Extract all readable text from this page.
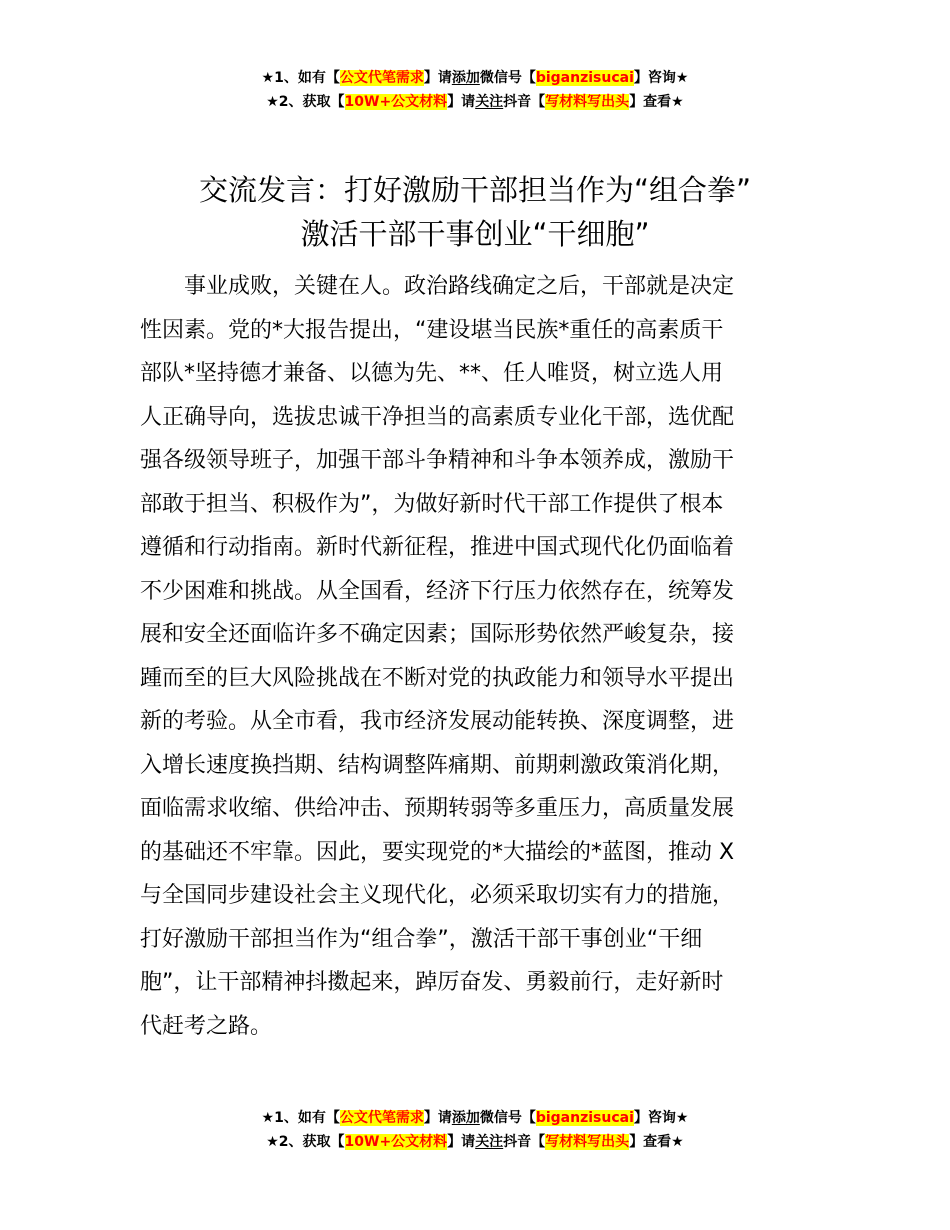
★1、如有【公文代笔需求】请添加微信号【biganzisucai】咨询★
★2、获取【10W+公文材料】请关注抖音【写材料写出头】查看★
交流发言：打好激励干部担当作为“组合拳”
激活干部干事创业“干细胞”
　　事业成败，关键在人。政治路线确定之后，干部就是决定
性因素。党的*大报告提出，“建设堪当民族*重任的高素质干
部队*坚持德才兼备、以德为先、**、任人唯贤，树立选人用
人正确导向，选拔忠诚干净担当的高素质专业化干部，选优配
强各级领导班子，加强干部斗争精神和斗争本领养成，激励干
部敢于担当、积极作为”，为做好新时代干部工作提供了根本
遵循和行动指南。新时代新征程，推进中国式现代化仍面临着
不少困难和挑战。从全国看，经济下行压力依然存在，统筹发
展和安全还面临许多不确定因素；国际形势依然严峻复杂，接
踵而至的巨大风险挑战在不断对党的执政能力和领导水平提出
新的考验。从全市看，我市经济发展动能转换、深度调整，进
入增长速度换挡期、结构调整阵痛期、前期刺激政策消化期，
面临需求收缩、供给冲击、预期转弱等多重压力，高质量发展
的基础还不牢靠。因此，要实现党的*大描绘的*蓝图，推动 X
与全国同步建设社会主义现代化，必须采取切实有力的措施，
打好激励干部担当作为“组合拳”，激活干部干事创业“干细
胞”，让干部精神抖擞起来，踔厉奋发、勇毅前行，走好新时
代赶考之路。
★1、如有【公文代笔需求】请添加微信号【biganzisucai】咨询★
★2、获取【10W+公文材料】请关注抖音【写材料写出头】查看★
